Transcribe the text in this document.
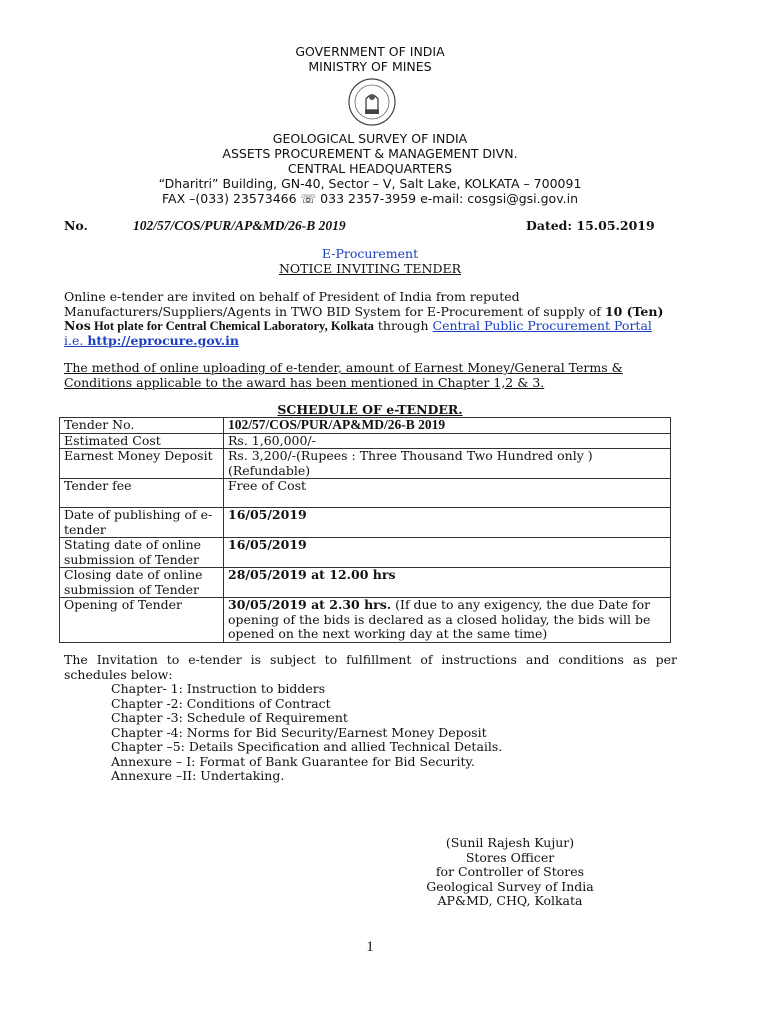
GOVERNMENT OF INDIA
MINISTRY OF MINES
GEOLOGICAL SURVEY OF INDIA
ASSETS PROCUREMENT & MANAGEMENT DIVN.
CENTRAL HEADQUARTERS
“Dharitri” Building, GN-40, Sector – V, Salt Lake, KOLKATA – 700091
FAX –(033) 23573466 ☏ 033 2357-3959 e-mail: cosgsi@gsi.gov.in
No.	102/57/COS/PUR/AP&MD/26-B 2019	Dated: 15.05.2019
E-Procurement
NOTICE INVITING TENDER
Online e-tender are invited on behalf of President of India from reputed
Manufacturers/Suppliers/Agents in TWO BID System for E-Procurement of supply of 10 (Ten)
Nos Hot plate for Central Chemical Laboratory, Kolkata through Central Public Procurement Portal
i.e. http://eprocure.gov.in
The method of online uploading of e-tender, amount of Earnest Money/General Terms &
Conditions applicable to the award has been mentioned in Chapter 1,2 & 3.
SCHEDULE OF e-TENDER.
Tender No.	102/57/COS/PUR/AP&MD/26-B 2019
Estimated Cost	Rs. 1,60,000/-
Earnest Money Deposit	Rs. 3,200/-(Rupees : Three Thousand Two Hundred only ) (Refundable)
Tender fee	Free of Cost
Date of publishing of e-tender	16/05/2019
Stating date of online submission of Tender	16/05/2019
Closing date of online submission of Tender	28/05/2019 at 12.00 hrs
Opening of Tender	30/05/2019 at 2.30 hrs. (If due to any exigency, the due Date for opening of the bids is declared as a closed holiday, the bids will be opened on the next working day at the same time)
The Invitation to e-tender is subject to fulfillment of instructions and conditions as per
schedules below:
Chapter- 1: Instruction to bidders
Chapter -2: Conditions of Contract
Chapter -3: Schedule of Requirement
Chapter -4: Norms for Bid Security/Earnest Money Deposit
Chapter –5: Details Specification and allied Technical Details.
Annexure – I: Format of Bank Guarantee for Bid Security.
Annexure –II: Undertaking.
(Sunil Rajesh Kujur)
Stores Officer
for Controller of Stores
Geological Survey of India
AP&MD, CHQ, Kolkata
1
